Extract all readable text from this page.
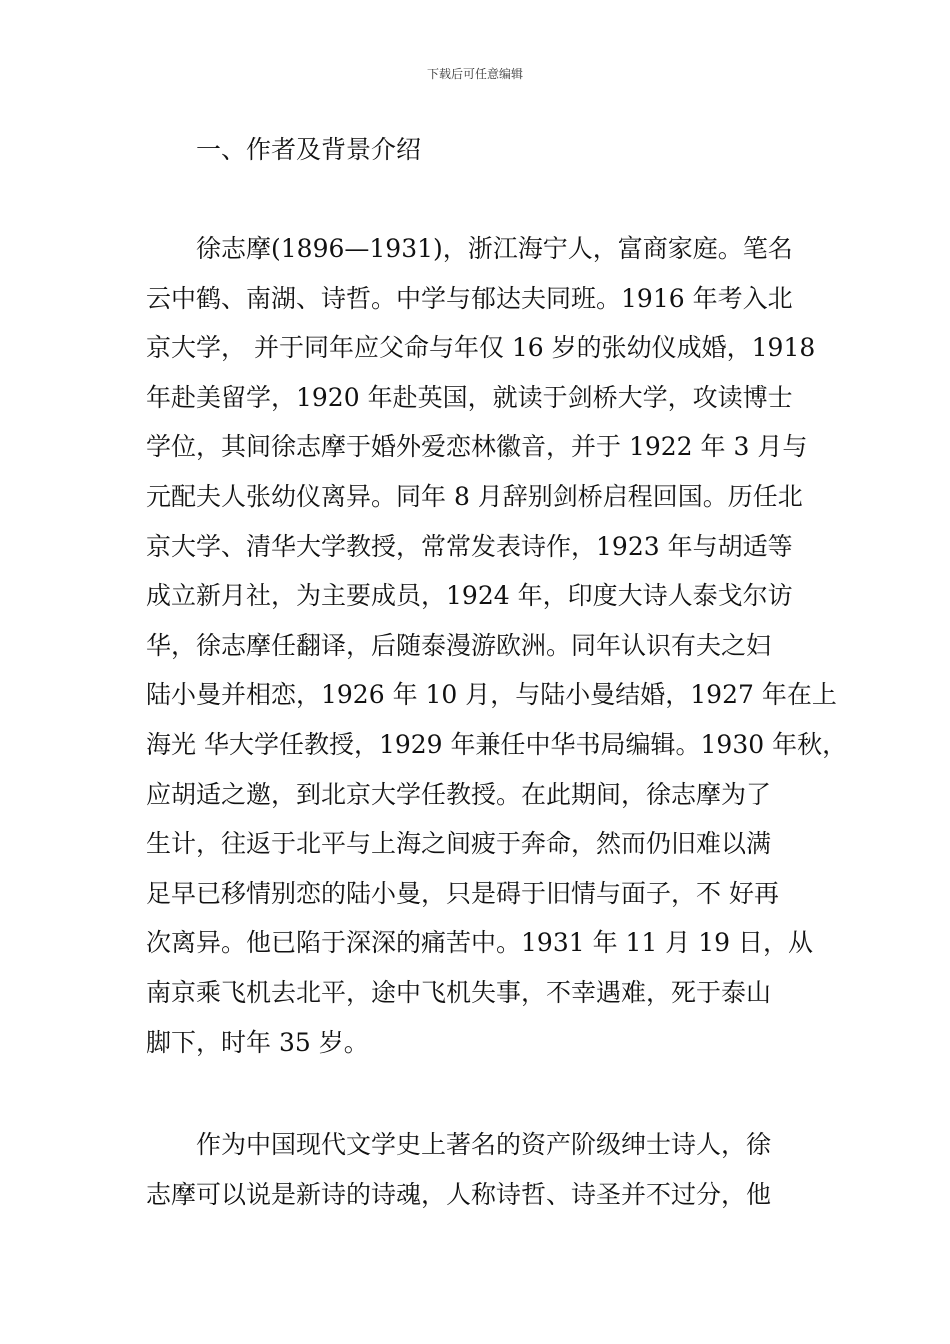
下载后可任意编辑
一、作者及背景介绍
徐志摩(1896—1931)，浙江海宁人，富商家庭。笔名
云中鹤、南湖、诗哲。中学与郁达夫同班。1916 年考入北
京大学， 并于同年应父命与年仅 16 岁的张幼仪成婚，1918
年赴美留学，1920 年赴英国，就读于剑桥大学，攻读博士
学位，其间徐志摩于婚外爱恋林徽音，并于 1922 年 3 月与
元配夫人张幼仪离异。同年 8 月辞别剑桥启程回国。历任北
京大学、清华大学教授，常常发表诗作，1923 年与胡适等
成立新月社，为主要成员，1924 年，印度大诗人泰戈尔访
华，徐志摩任翻译，后随泰漫游欧洲。同年认识有夫之妇
陆小曼并相恋，1926 年 10 月，与陆小曼结婚，1927 年在上
海光 华大学任教授，1929 年兼任中华书局编辑。1930 年秋，
应胡适之邀，到北京大学任教授。在此期间，徐志摩为了
生计，往返于北平与上海之间疲于奔命，然而仍旧难以满
足早已移情别恋的陆小曼，只是碍于旧情与面子，不 好再
次离异。他已陷于深深的痛苦中。1931 年 11 月 19 日，从
南京乘飞机去北平，途中飞机失事，不幸遇难，死于泰山
脚下，时年 35 岁。
作为中国现代文学史上著名的资产阶级绅士诗人，徐
志摩可以说是新诗的诗魂，人称诗哲、诗圣并不过分，他
